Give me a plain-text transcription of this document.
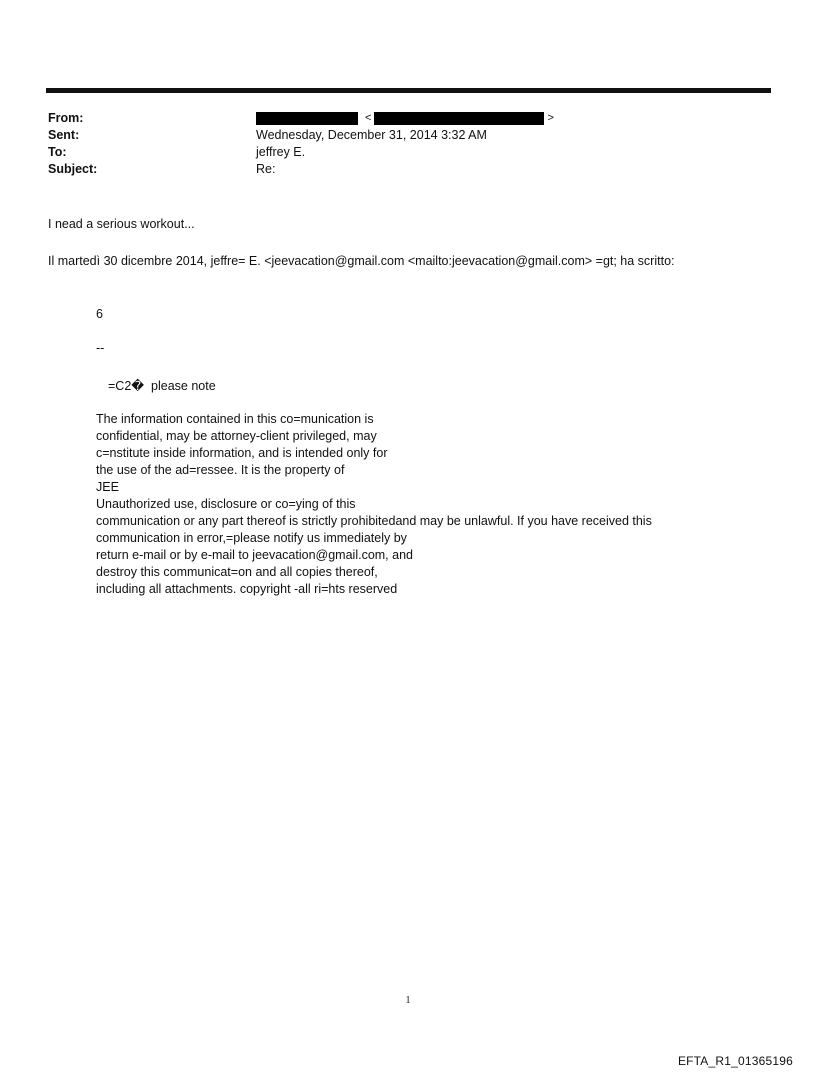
From:	<	>
Sent:	Wednesday, December 31, 2014 3:32 AM
To:	jeffrey E.
Subject:	Re:
I nead a serious workout...
Il martedì 30 dicembre 2014, jeffre= E. <jeevacation@gmail.com <mailto:jeevacation@gmail.com> =gt; ha scritto:
6
--
=C2�  please note
The information contained in this co=munication is
confidential, may be attorney-client privileged, may
c=nstitute inside information, and is intended only for
the use of the ad=ressee. It is the property of
JEE
Unauthorized use, disclosure or co=ying of this
communication or any part thereof is strictly prohibitedand may be unlawful. If you have received this
communication in error,=please notify us immediately by
return e-mail or by e-mail to jeevacation@gmail.com, and
destroy this communicat=on and all copies thereof,
including all attachments. copyright -all ri=hts reserved
1
EFTA_R1_01365196
